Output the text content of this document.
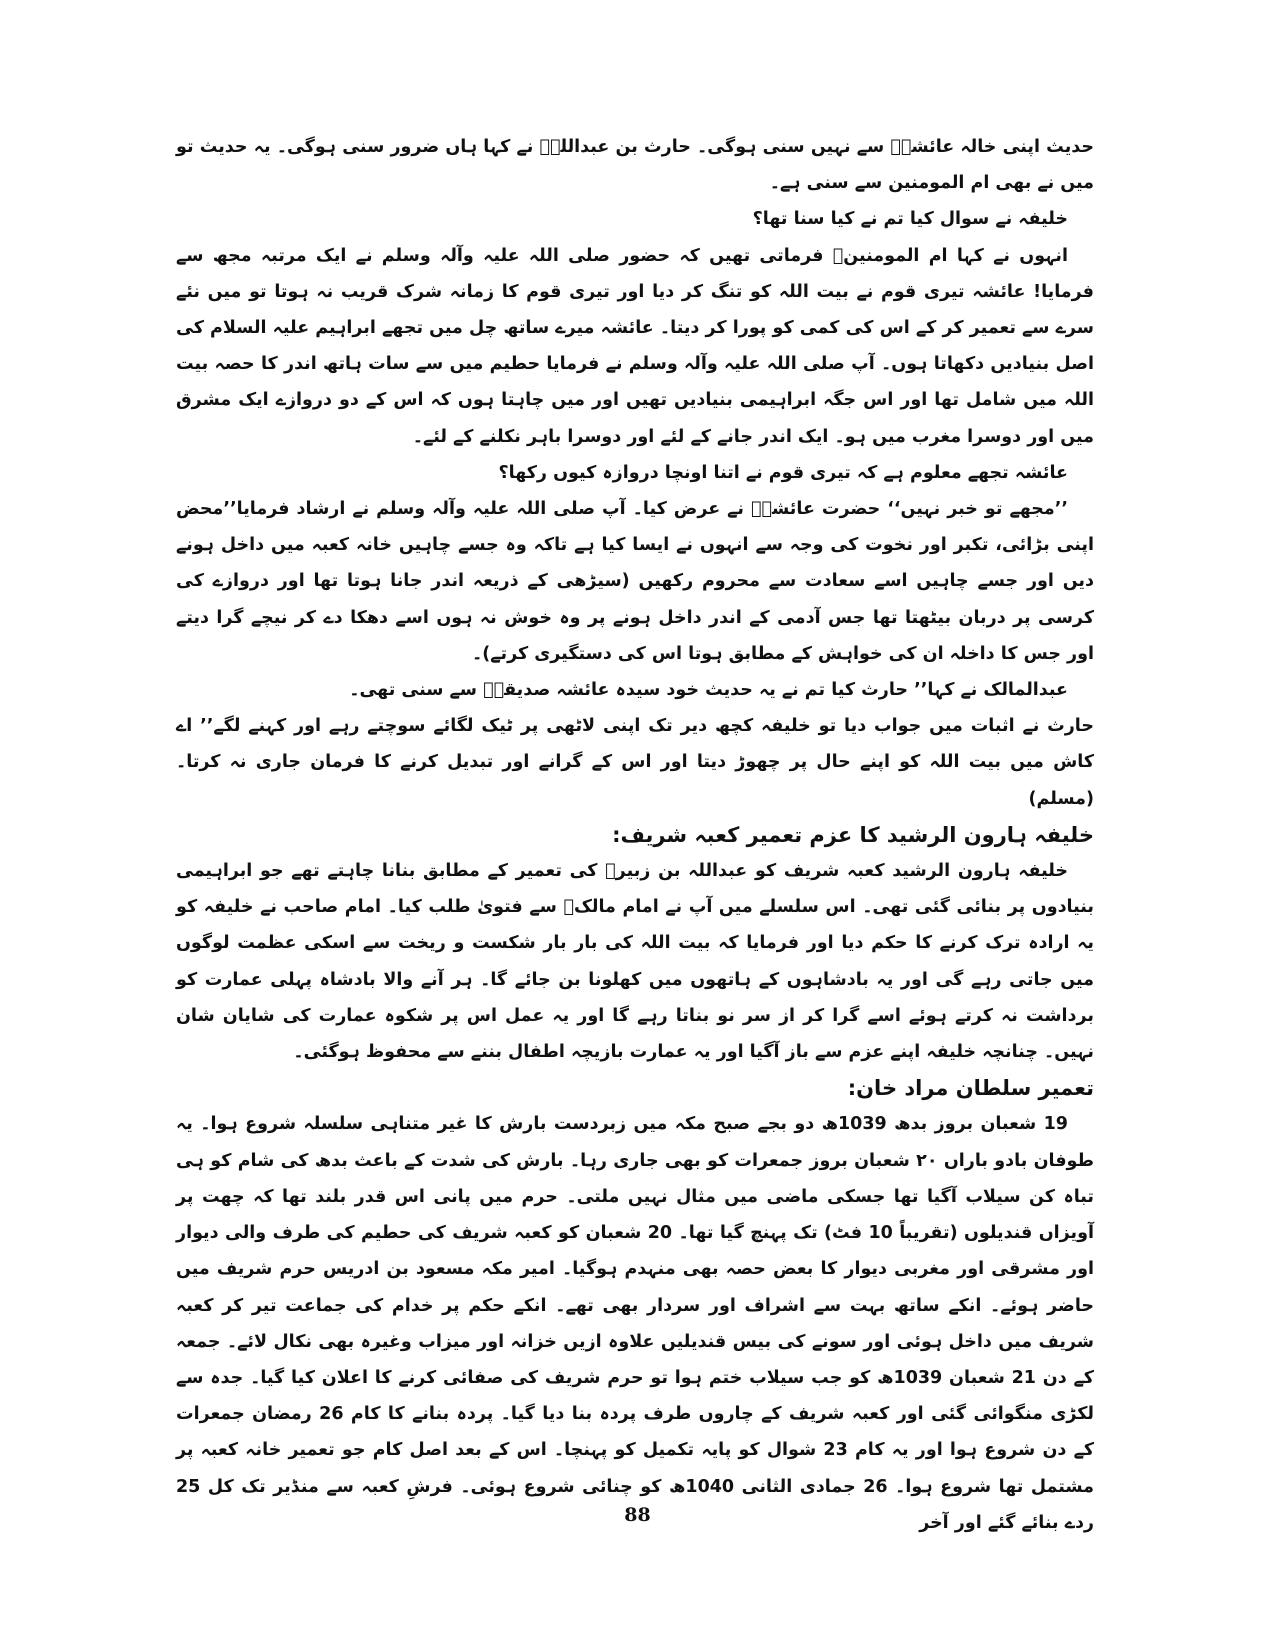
حدیث اپنی خالہ عائشہؓ سے نہیں سنی ہوگی۔ حارث بن عبداللہؓ نے کہا ہاں ضرور سنی ہوگی۔ یہ حدیث تو میں نے بھی ام المومنین سے سنی ہے۔

خلیفہ نے سوال کیا تم نے کیا سنا تھا؟

انہوں نے کہا ام المومنینؓ فرماتی تھیں کہ حضور صلی اللہ علیہ وآلہ وسلم نے ایک مرتبہ مجھ سے فرمایا! عائشہ تیری قوم نے بیت اللہ کو تنگ کر دیا اور تیری قوم کا زمانہ شرک قریب نہ ہوتا تو میں نئے سرے سے تعمیر کر کے اس کی کمی کو پورا کر دیتا۔ عائشہ میرے ساتھ چل میں تجھے ابراہیم علیہ السلام کی اصل بنیادیں دکھاتا ہوں۔ آپ صلی اللہ علیہ وآلہ وسلم نے فرمایا حطیم میں سے سات ہاتھ اندر کا حصہ بیت اللہ میں شامل تھا اور اس جگہ ابراہیمی بنیادیں تھیں اور میں چاہتا ہوں کہ اس کے دو دروازے ایک مشرق میں اور دوسرا مغرب میں ہو۔ ایک اندر جانے کے لئے اور دوسرا باہر نکلنے کے لئے۔

عائشہ تجھے معلوم ہے کہ تیری قوم نے اتنا اونچا دروازہ کیوں رکھا؟

’’مجھے تو خبر نہیں‘‘ حضرت عائشہؓ نے عرض کیا۔ آپ صلی اللہ علیہ وآلہ وسلم نے ارشاد فرمایا’’محض اپنی بڑائی، تکبر اور نخوت کی وجہ سے انہوں نے ایسا کیا ہے تاکہ وہ جسے چاہیں خانہ کعبہ میں داخل ہونے دیں اور جسے چاہیں اسے سعادت سے محروم رکھیں (سیڑھی کے ذریعہ اندر جانا ہوتا تھا اور دروازے کی کرسی پر دربان بیٹھتا تھا جس آدمی کے اندر داخل ہونے پر وہ خوش نہ ہوں اسے دھکا دے کر نیچے گرا دیتے اور جس کا داخلہ ان کی خواہش کے مطابق ہوتا اس کی دستگیری کرتے)۔

عبدالمالک نے کہا’’ حارث کیا تم نے یہ حدیث خود سیدہ عائشہ صدیقہؓ سے سنی تھی۔

حارث نے اثبات میں جواب دیا تو خلیفہ کچھ دیر تک اپنی لاٹھی پر ٹیک لگائے سوچتے رہے اور کہنے لگے’’ اے کاش میں بیت اللہ کو اپنے حال پر چھوڑ دیتا اور اس کے گرانے اور تبدیل کرنے کا فرمان جاری نہ کرتا۔ (مسلم)

خلیفہ ہارون الرشید کا عزم تعمیر کعبہ شریف:

خلیفہ ہارون الرشید کعبہ شریف کو عبداللہ بن زبیرؓ کی تعمیر کے مطابق بنانا چاہتے تھے جو ابراہیمی بنیادوں پر بنائی گئی تھی۔ اس سلسلے میں آپ نے امام مالکؒ سے فتویٰ طلب کیا۔ امام صاحب نے خلیفہ کو یہ ارادہ ترک کرنے کا حکم دیا اور فرمایا کہ بیت اللہ کی بار بار شکست و ریخت سے اسکی عظمت لوگوں میں جاتی رہے گی اور یہ بادشاہوں کے ہاتھوں میں کھلونا بن جائے گا۔ ہر آنے والا بادشاہ پہلی عمارت کو برداشت نہ کرتے ہوئے اسے گرا کر از سر نو بناتا رہے گا اور یہ عمل اس پر شکوہ عمارت کی شایان شان نہیں۔ چنانچہ خلیفہ اپنے عزم سے باز آگیا اور یہ عمارت بازیچہ اطفال بننے سے محفوظ ہوگئی۔

تعمیر سلطان مراد خان:

19 شعبان بروز بدھ 1039ھ دو بجے صبح مکہ میں زبردست بارش کا غیر متناہی سلسلہ شروع ہوا۔ یہ طوفان بادو باراں ۲۰ شعبان بروز جمعرات کو بھی جاری رہا۔ بارش کی شدت کے باعث بدھ کی شام کو ہی تباہ کن سیلاب آگیا تھا جسکی ماضی میں مثال نہیں ملتی۔ حرم میں پانی اس قدر بلند تھا کہ چھت پر آویزاں قندیلوں (تقریباً 10 فٹ) تک پہنچ گیا تھا۔ 20 شعبان کو کعبہ شریف کی حطیم کی طرف والی دیوار اور مشرقی اور مغربی دیوار کا بعض حصہ بھی منہدم ہوگیا۔ امیر مکہ مسعود بن ادریس حرم شریف میں حاضر ہوئے۔ انکے ساتھ بہت سے اشراف اور سردار بھی تھے۔ انکے حکم پر خدام کی جماعت تیر کر کعبہ شریف میں داخل ہوئی اور سونے کی بیس قندیلیں علاوہ ازیں خزانہ اور میزاب وغیرہ بھی نکال لائے۔ جمعہ کے دن 21 شعبان 1039ھ کو جب سیلاب ختم ہوا تو حرم شریف کی صفائی کرنے کا اعلان کیا گیا۔ جدہ سے لکڑی منگوائی گئی اور کعبہ شریف کے چاروں طرف پردہ بنا دیا گیا۔ پردہ بنانے کا کام 26 رمضان جمعرات کے دن شروع ہوا اور یہ کام 23 شوال کو پایہ تکمیل کو پہنچا۔ اس کے بعد اصل کام جو تعمیر خانہ کعبہ پر مشتمل تھا شروع ہوا۔ 26 جمادی الثانی 1040ھ کو چنائی شروع ہوئی۔ فرشِ کعبہ سے منڈیر تک کل 25 ردے بنائے گئے اور آخر

88
